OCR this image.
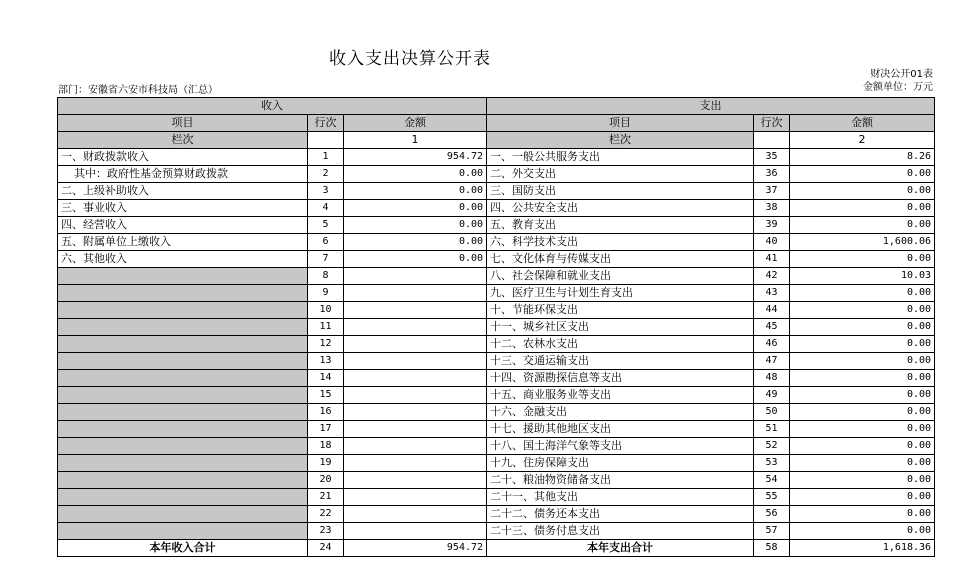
收入支出决算公开表
财决公开01表
金额单位：万元
部门：安徽省六安市科技局（汇总）
收入			支出		
项目	行次	金额	项目	行次	金额
栏次		1	栏次		2
一、财政拨款收入	1	954.72	一、一般公共服务支出	35	8.26
其中：政府性基金预算财政拨款	2	0.00	二、外交支出	36	0.00
二、上级补助收入	3	0.00	三、国防支出	37	0.00
三、事业收入	4	0.00	四、公共安全支出	38	0.00
四、经营收入	5	0.00	五、教育支出	39	0.00
五、附属单位上缴收入	6	0.00	六、科学技术支出	40	1,600.06
六、其他收入	7	0.00	七、文化体育与传媒支出	41	0.00
	8		八、社会保障和就业支出	42	10.03
	9		九、医疗卫生与计划生育支出	43	0.00
	10		十、节能环保支出	44	0.00
	11		十一、城乡社区支出	45	0.00
	12		十二、农林水支出	46	0.00
	13		十三、交通运输支出	47	0.00
	14		十四、资源勘探信息等支出	48	0.00
	15		十五、商业服务业等支出	49	0.00
	16		十六、金融支出	50	0.00
	17		十七、援助其他地区支出	51	0.00
	18		十八、国土海洋气象等支出	52	0.00
	19		十九、住房保障支出	53	0.00
	20		二十、粮油物资储备支出	54	0.00
	21		二十一、其他支出	55	0.00
	22		二十二、债务还本支出	56	0.00
	23		二十三、债务付息支出	57	0.00
本年收入合计	24	954.72	本年支出合计	58	1,618.36
